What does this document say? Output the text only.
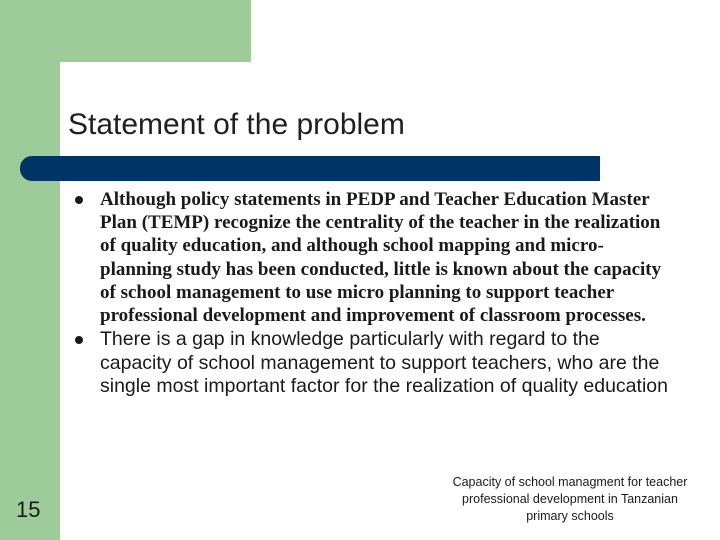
Statement of the problem
Although policy statements in PEDP and Teacher Education Master Plan (TEMP) recognize the centrality of the teacher in the realization of quality education, and although school mapping and micro-planning study has been conducted, little is known about the capacity of school management to use micro planning to support teacher professional development and improvement of classroom processes.
There is a gap in knowledge particularly with regard to the capacity of school management to support teachers, who are the single most important factor for the realization of quality education
15
Capacity of school managment for teacher professional development in Tanzanian primary schools
